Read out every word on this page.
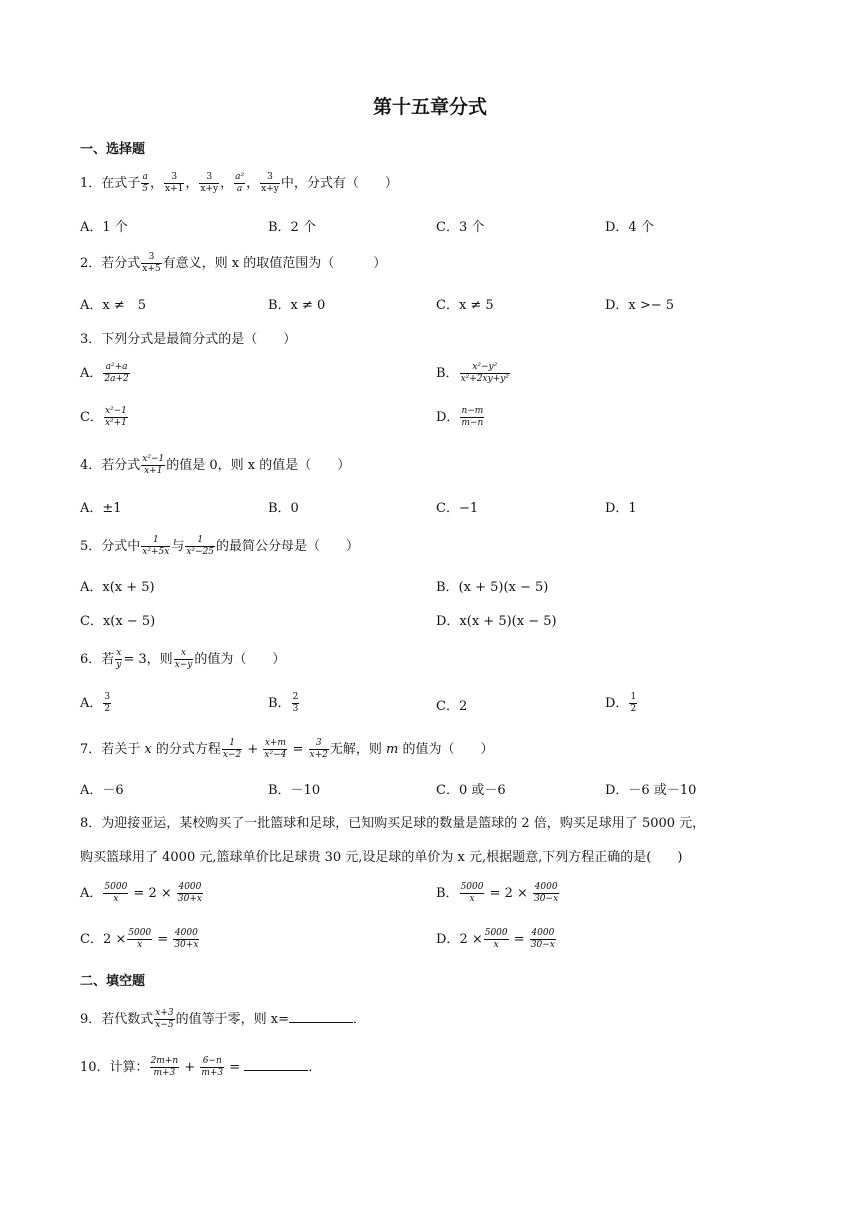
第十五章分式
一、选择题
1．在式子 $\frac{a}{5}$ ， $\frac{3}{x+1}$ ， $\frac{3}{x+y}$ ， $\frac{\text{a²}}{a}$ ， $\frac{3}{x+y}$ 中，分式有（　　）
A．1 个	B．2 个	C．3 个	D．4 个
2．若分式 $\frac{3}{x+5}$ 有意义，则 x 的取值范围为（　　　）
A．x ≠　5	B．x ≠ 0	C．x ≠ 5	D．x >− 5
3．下列分式是最简分式的是（　　）
A． $\frac{\text{a²+a}}{2a+2}$	B． $\frac{\text{x²−y²}}{\text{x²+2xy+y²}}$
C． $\frac{\text{x²−1}}{\text{x²+1}}$	D． $\frac{n-m}{m-n}$
4．若分式 $\frac{\text{x²−1}}{x+1}$ 的值是 0，则 x 的值是（　　）
A．±1	B．0	C．−1	D．1
5．分式中 $\frac{1}{\text{x²+5x}}$ 与 $\frac{1}{\text{x²−25}}$ 的最简公分母是（　　）
A．x(x + 5)	B．(x + 5)(x − 5)
C．x(x − 5)	D．x(x + 5)(x − 5)
6．若 $\frac{x}{y} = 3$，则 $\frac{x}{x-y}$ 的值为（　　）
A． $\frac{3}{2}$	B． $\frac{2}{3}$	C．2	D． $\frac{1}{2}$
7．若关于 x 的分式方程 $\frac{1}{x-2} + \frac{x+m}{\text{x²−4}} = \frac{3}{x+2}$ 无解，则 m 的值为（　　）
A．－6	B．－10	C．0 或－6	D．－6 或－10
8．为迎接亚运，某校购买了一批篮球和足球，已知购买足球的数量是篮球的 2 倍，购买足球用了 5000 元，
购买篮球用了 4000 元,篮球单价比足球贵 30 元,设足球的单价为 x 元,根据题意,下列方程正确的是(　　)
A． $\frac{5000}{x} = 2 \times \frac{4000}{30+x}$	B． $\frac{5000}{x} = 2 \times \frac{4000}{30-x}$
C．$2 \times \frac{5000}{x} = \frac{4000}{30+x}$	D．$2 \times \frac{5000}{x} = \frac{4000}{30-x}$
二、填空题
9．若代数式 $\frac{x+3}{x-5}$ 的值等于零，则 x=	．
10．计算： $\frac{2m+n}{m+3} + \frac{6-n}{m+3}$ =	．
